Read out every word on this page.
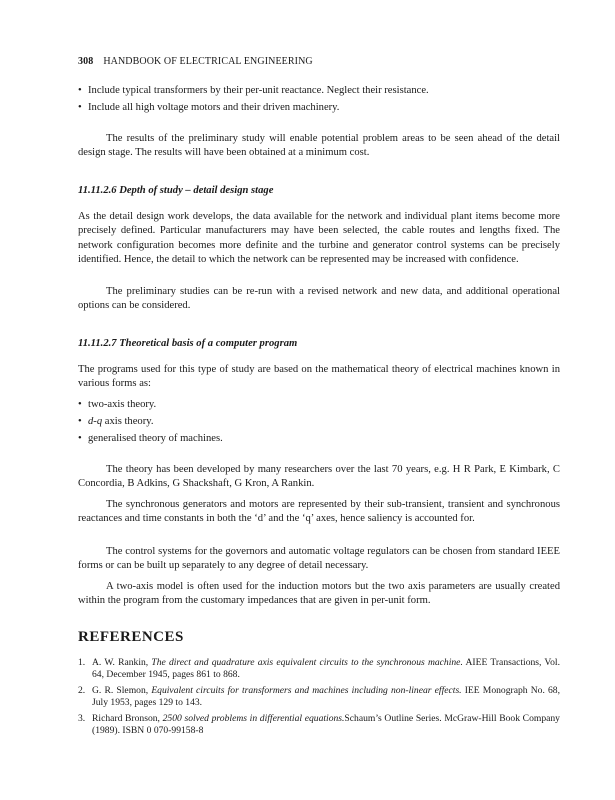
308 HANDBOOK OF ELECTRICAL ENGINEERING
• Include typical transformers by their per-unit reactance. Neglect their resistance.
• Include all high voltage motors and their driven machinery.
The results of the preliminary study will enable potential problem areas to be seen ahead of the detail design stage. The results will have been obtained at a minimum cost.
11.11.2.6 Depth of study – detail design stage
As the detail design work develops, the data available for the network and individual plant items become more precisely defined. Particular manufacturers may have been selected, the cable routes and lengths fixed. The network configuration becomes more definite and the turbine and generator control systems can be precisely identified. Hence, the detail to which the network can be represented may be increased with confidence.
The preliminary studies can be re-run with a revised network and new data, and additional operational options can be considered.
11.11.2.7 Theoretical basis of a computer program
The programs used for this type of study are based on the mathematical theory of electrical machines known in various forms as:
• two-axis theory.
• d-q axis theory.
• generalised theory of machines.
The theory has been developed by many researchers over the last 70 years, e.g. H R Park, E Kimbark, C Concordia, B Adkins, G Shackshaft, G Kron, A Rankin.
The synchronous generators and motors are represented by their sub-transient, transient and synchronous reactances and time constants in both the ‘d’ and the ‘q’ axes, hence saliency is accounted for.
The control systems for the governors and automatic voltage regulators can be chosen from standard IEEE forms or can be built up separately to any degree of detail necessary.
A two-axis model is often used for the induction motors but the two axis parameters are usually created within the program from the customary impedances that are given in per-unit form.
REFERENCES
1. A. W. Rankin, The direct and quadrature axis equivalent circuits to the synchronous machine. AIEE Transactions, Vol. 64, December 1945, pages 861 to 868.
2. G. R. Slemon, Equivalent circuits for transformers and machines including non-linear effects. IEE Monograph No. 68, July 1953, pages 129 to 143.
3. Richard Bronson, 2500 solved problems in differential equations.Schaum’s Outline Series. McGraw-Hill Book Company (1989). ISBN 0 070-99158-8
